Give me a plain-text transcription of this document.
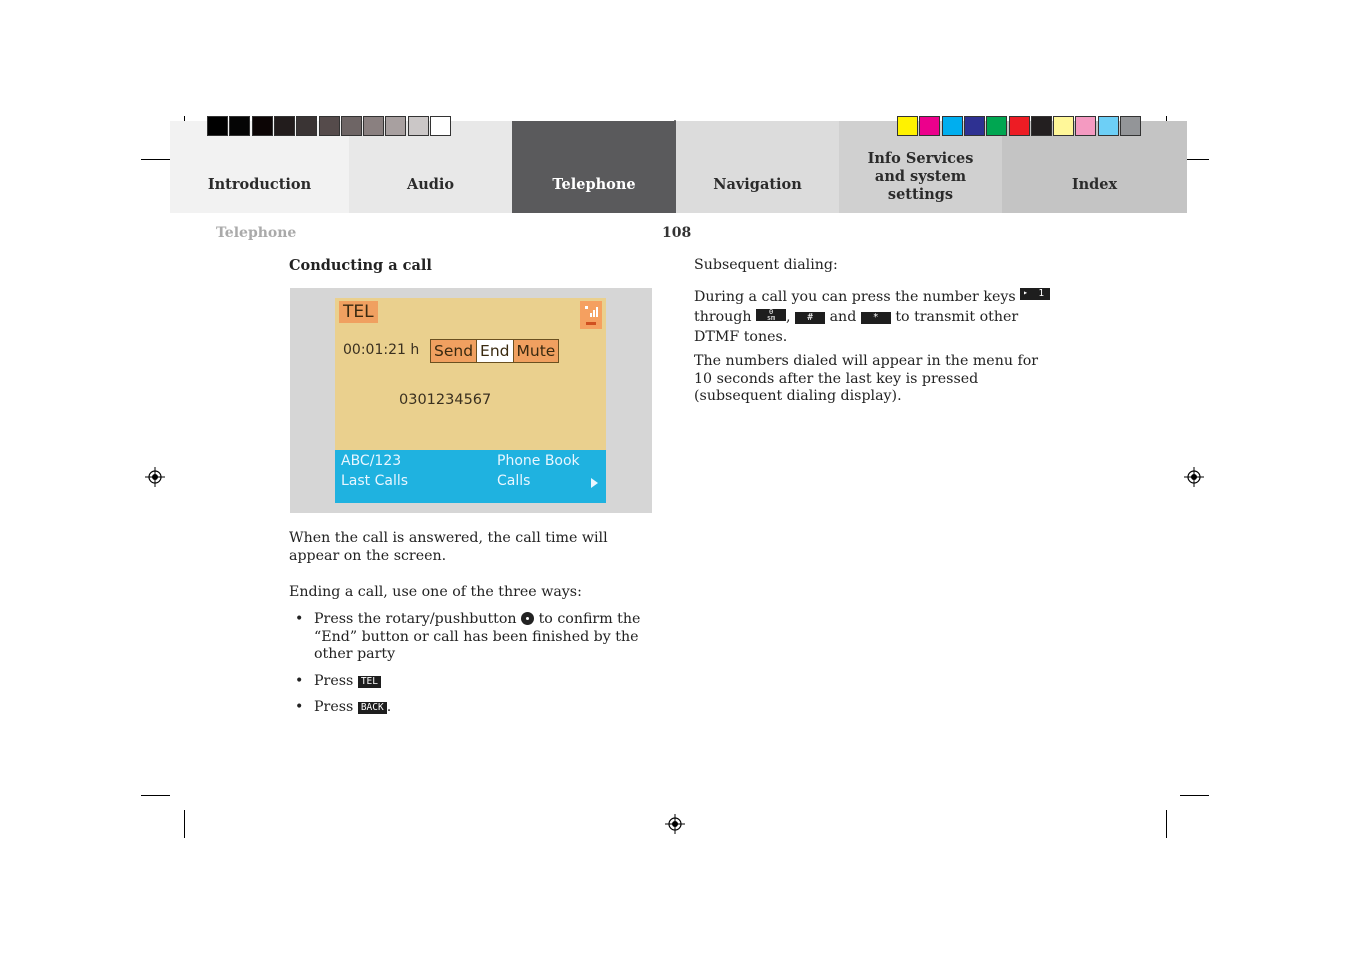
Introduction	Audio	Telephone	Navigation
Info Services and system settings
Index
Telephone	108
Conducting a call
TEL
00:01:21 h Send End Mute
0301234567
ABC/123	Phone Book
Last Calls	Calls
When the call is answered, the call time will appear on the screen.
Ending a call, use one of the three ways:
• Press the rotary/pushbutton to confirm the “End” button or call has been finished by the other party
• Press TEL
• Press BACK .
Subsequent dialing:
During a call you can press the number keys ▸ 1

through 0
sm , # and * to transmit other DTMF tones.
The numbers dialed will appear in the menu for 10 seconds after the last key is pressed (subsequent dialing display).
